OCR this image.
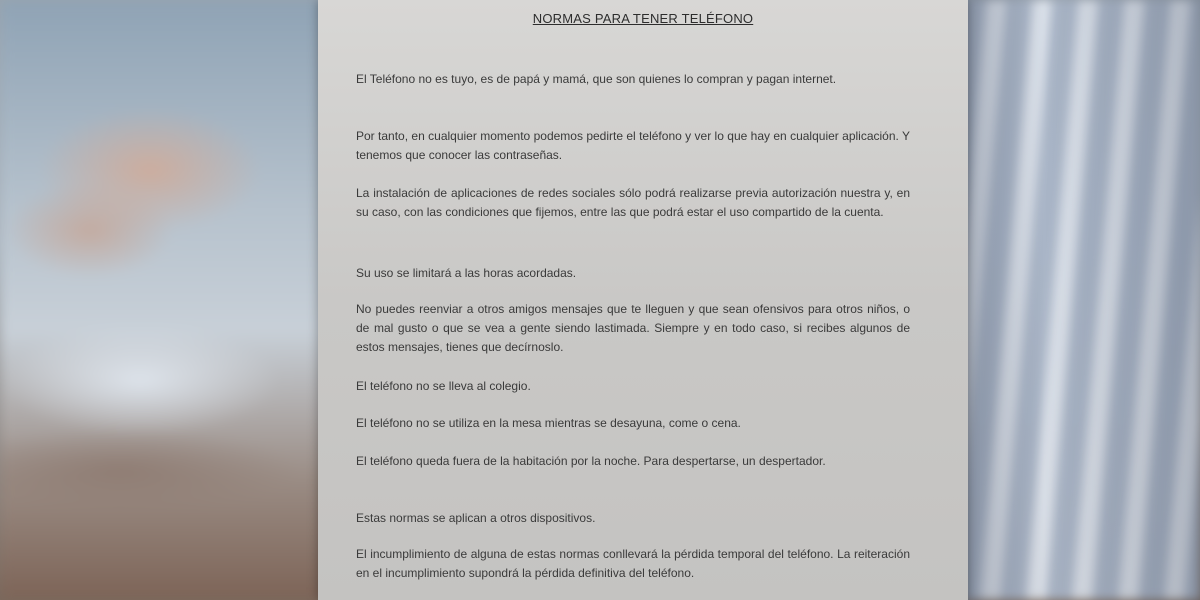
NORMAS PARA TENER TELÉFONO
El Teléfono no es tuyo, es de papá y mamá, que son quienes lo compran y pagan internet.
Por tanto, en cualquier momento podemos pedirte el teléfono y ver lo que hay en cualquier aplicación. Y tenemos que conocer las contraseñas.
La instalación de aplicaciones de redes sociales sólo podrá realizarse previa autorización nuestra y, en su caso, con las condiciones que fijemos, entre las que podrá estar el uso compartido de la cuenta.
Su uso se limitará a las horas acordadas.
No puedes reenviar a otros amigos mensajes que te lleguen y que sean ofensivos para otros niños, o de mal gusto o que se vea a gente siendo lastimada. Siempre y en todo caso, si recibes algunos de estos mensajes, tienes que decírnoslo.
El teléfono no se lleva al colegio.
El teléfono no se utiliza en la mesa mientras se desayuna, come o cena.
El teléfono queda fuera de la habitación por la noche. Para despertarse, un despertador.
Estas normas se aplican a otros dispositivos.
El incumplimiento de alguna de estas normas conllevará la pérdida temporal del teléfono. La reiteración en el incumplimiento supondrá la pérdida definitiva del teléfono.
